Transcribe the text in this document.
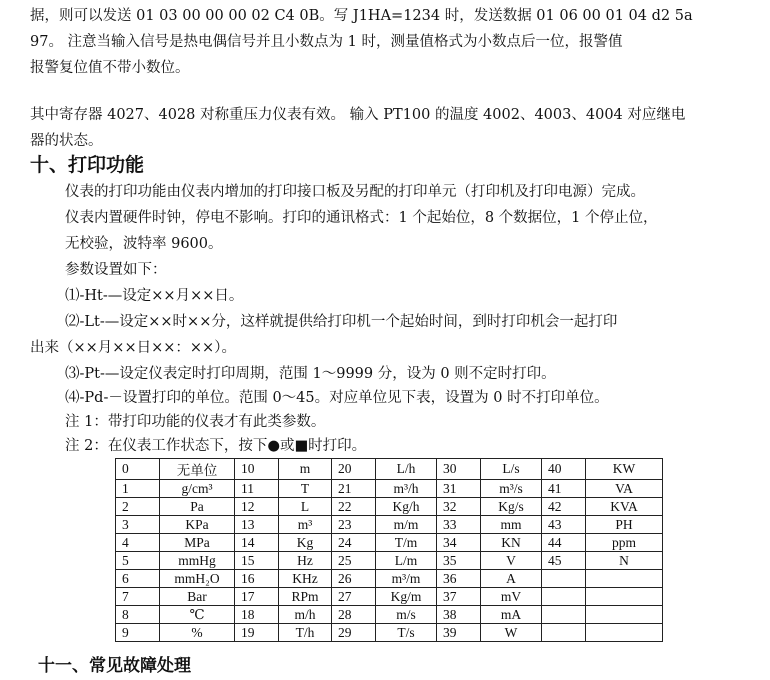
据，则可以发送 01 03 00 00 00 02 C4 0B。写 J1HA=1234 时，发送数据 01 06 00 01 04 d2 5a
97。 注意当输入信号是热电偶信号并且小数点为 1 时，测量值格式为小数点后一位，报警值
报警复位值不带小数位。
其中寄存器 4027、4028 对称重压力仪表有效。 输入 PT100 的温度 4002、4003、4004 对应继电
器的状态。
十、打印功能
仪表的打印功能由仪表内增加的打印接口板及另配的打印单元（打印机及打印电源）完成。
仪表内置硬件时钟，停电不影响。打印的通讯格式：1 个起始位，8 个数据位，1 个停止位，
无校验，波特率 9600。
参数设置如下：
⑴-Ht-—设定××月××日。
⑵-Lt-—设定××时××分，这样就提供给打印机一个起始时间，到时打印机会一起打印
出来（××月××日××：××）。
⑶-Pt-—设定仪表定时打印周期，范围 1～9999 分，设为 0 则不定时打印。
⑷-Pd-－设置打印的单位。范围 0～45。对应单位见下表，设置为 0 时不打印单位。
注 1：带打印功能的仪表才有此类参数。
注 2：在仪表工作状态下，按下●或■时打印。
0	无单位	10	m	20	L/h	30	L/s	40	KW
1	g/cm³	11	T	21	m³/h	31	m³/s	41	VA
2	Pa	12	L	22	Kg/h	32	Kg/s	42	KVA
3	KPa	13	m³	23	m/m	33	mm	43	PH
4	MPa	14	Kg	24	T/m	34	KN	44	ppm
5	mmHg	15	Hz	25	L/m	35	V	45	N
6	mmH₂O	16	KHz	26	m³/m	36	A		
7	Bar	17	RPm	27	Kg/m	37	mV		
8	℃	18	m/h	28	m/s	38	mA		
9	%	19	T/h	29	T/s	39	W		
十一、常见故障处理
